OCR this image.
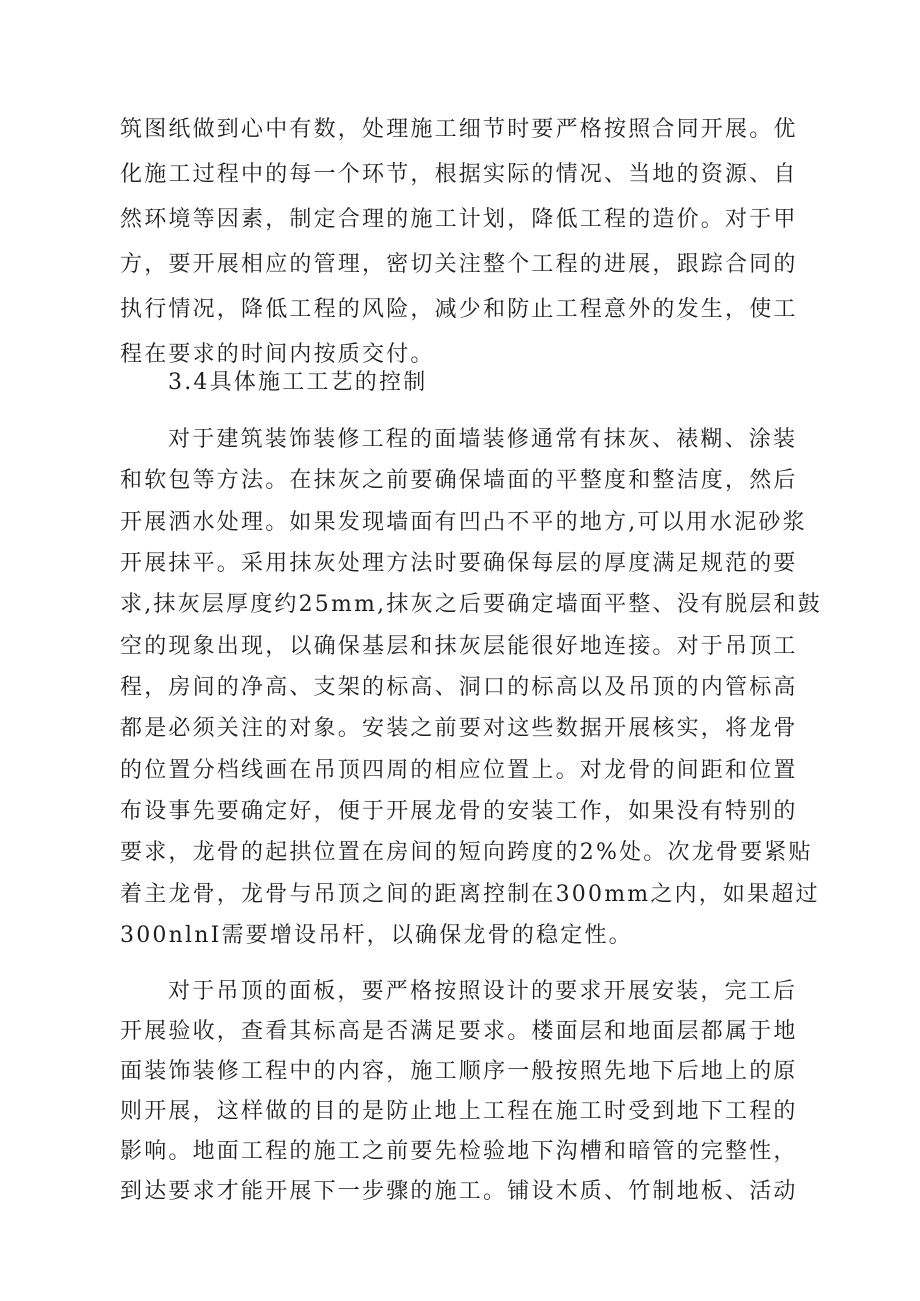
筑图纸做到心中有数，处理施工细节时要严格按照合同开展。优
化施工过程中的每一个环节，根据实际的情况、当地的资源、自
然环境等因素，制定合理的施工计划，降低工程的造价。对于甲
方，要开展相应的管理，密切关注整个工程的进展，跟踪合同的
执行情况，降低工程的风险，减少和防止工程意外的发生，使工
程在要求的时间内按质交付。
3.4具体施工工艺的控制
对于建筑装饰装修工程的面墙装修通常有抹灰、裱糊、涂装
和软包等方法。在抹灰之前要确保墙面的平整度和整洁度，然后
开展洒水处理。如果发现墙面有凹凸不平的地方,可以用水泥砂浆
开展抹平。采用抹灰处理方法时要确保每层的厚度满足规范的要
求,抹灰层厚度约25mm,抹灰之后要确定墙面平整、没有脱层和鼓
空的现象出现，以确保基层和抹灰层能很好地连接。对于吊顶工
程，房间的净高、支架的标高、洞口的标高以及吊顶的内管标高
都是必须关注的对象。安装之前要对这些数据开展核实，将龙骨
的位置分档线画在吊顶四周的相应位置上。对龙骨的间距和位置
布设事先要确定好，便于开展龙骨的安装工作，如果没有特别的
要求，龙骨的起拱位置在房间的短向跨度的2%处。次龙骨要紧贴
着主龙骨，龙骨与吊顶之间的距离控制在300mm之内，如果超过
300nlnI需要增设吊杆，以确保龙骨的稳定性。
对于吊顶的面板，要严格按照设计的要求开展安装，完工后
开展验收，查看其标高是否满足要求。楼面层和地面层都属于地
面装饰装修工程中的内容，施工顺序一般按照先地下后地上的原
则开展，这样做的目的是防止地上工程在施工时受到地下工程的
影响。地面工程的施工之前要先检验地下沟槽和暗管的完整性，
到达要求才能开展下一步骤的施工。铺设木质、竹制地板、活动
